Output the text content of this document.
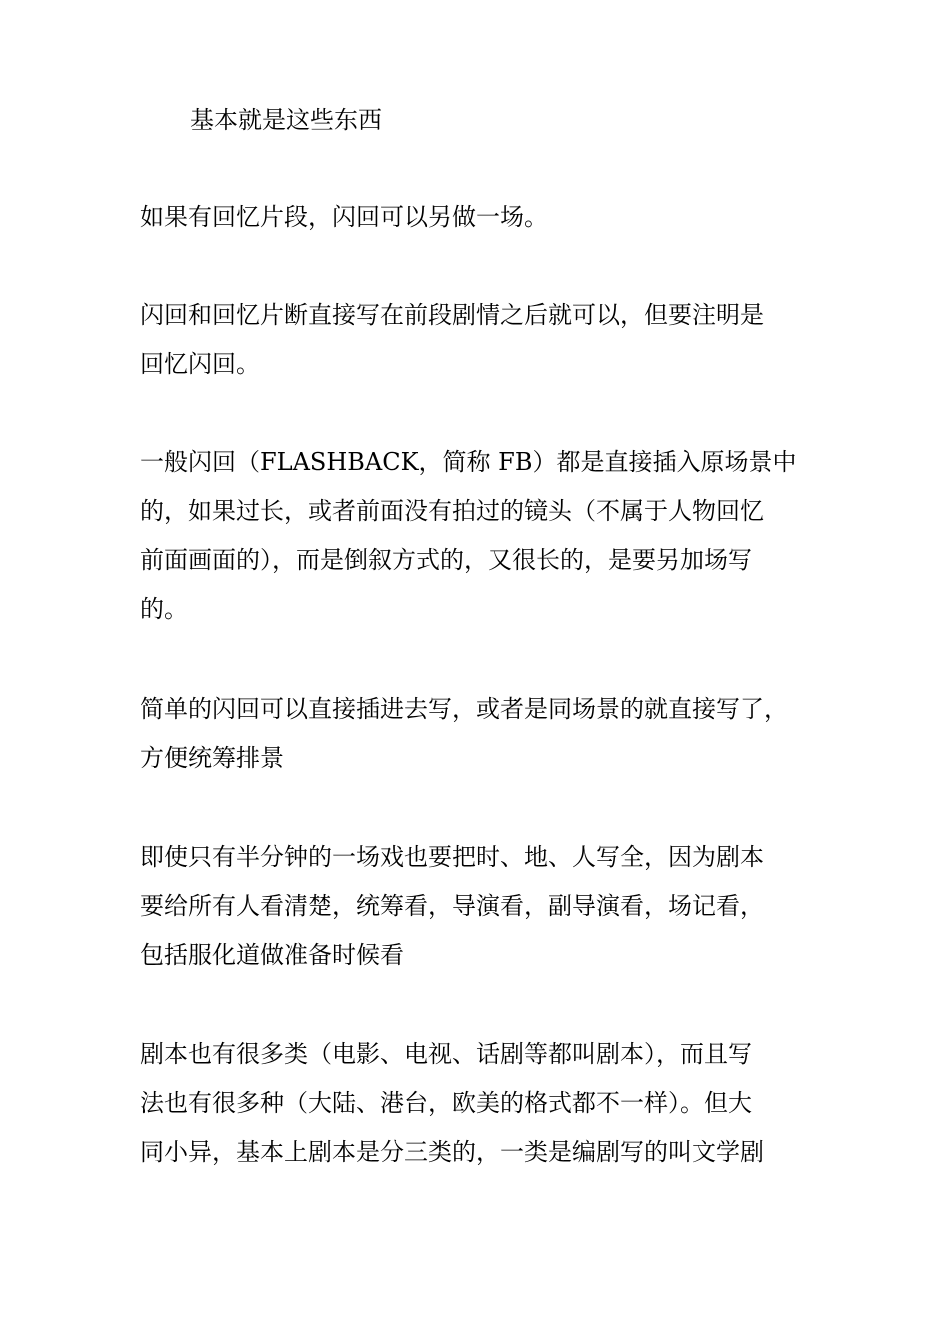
基本就是这些东西

如果有回忆片段，闪回可以另做一场。

闪回和回忆片断直接写在前段剧情之后就可以，但要注明是
回忆闪回。

一般闪回（FLASHBACK，简称 FB）都是直接插入原场景中
的，如果过长，或者前面没有拍过的镜头（不属于人物回忆
前面画面的），而是倒叙方式的，又很长的，是要另加场写
的。

简单的闪回可以直接插进去写，或者是同场景的就直接写了，
方便统筹排景

即使只有半分钟的一场戏也要把时、地、人写全，因为剧本
要给所有人看清楚，统筹看，导演看，副导演看，场记看，
包括服化道做准备时候看

剧本也有很多类（电影、电视、话剧等都叫剧本），而且写
法也有很多种（大陆、港台，欧美的格式都不一样）。但大
同小异，基本上剧本是分三类的，一类是编剧写的叫文学剧
